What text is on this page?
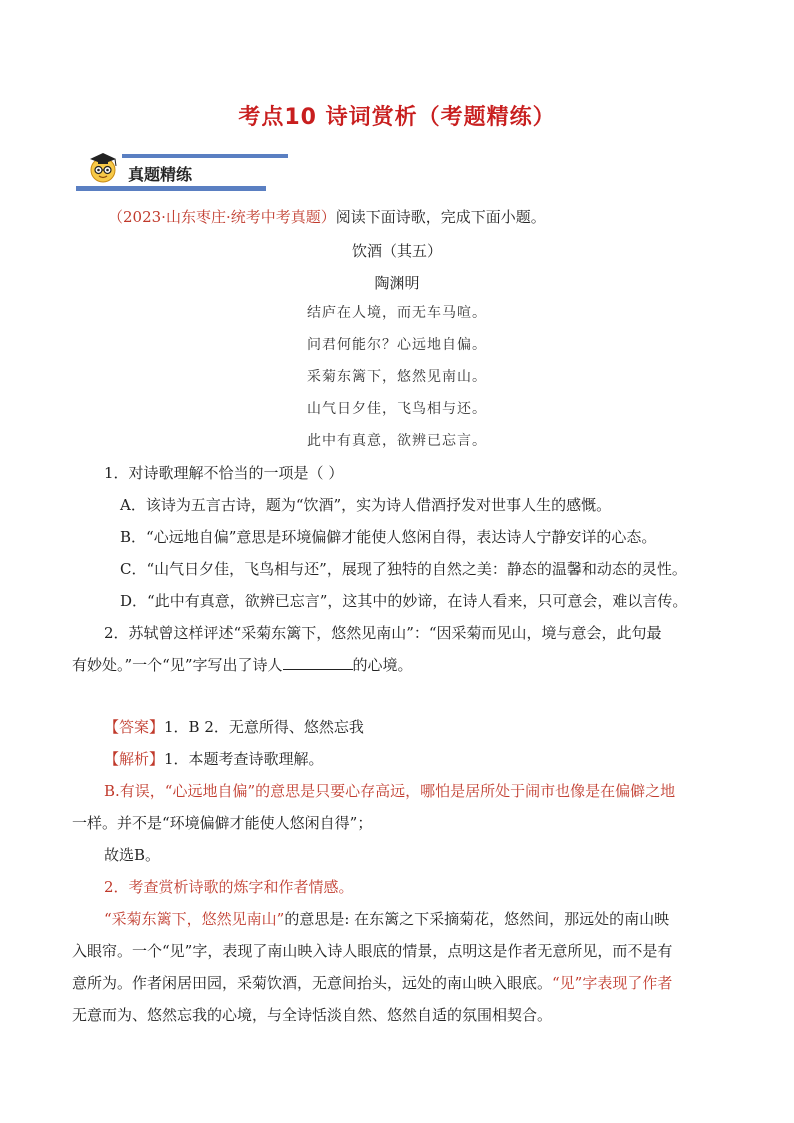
考点10 诗词赏析（考题精练）
真题精练
（2023·山东枣庄·统考中考真题）阅读下面诗歌，完成下面小题。
饮酒（其五）
陶渊明
结庐在人境，而无车马喧。
问君何能尔？心远地自偏。
采菊东篱下，悠然见南山。
山气日夕佳，飞鸟相与还。
此中有真意，欲辨已忘言。
1．对诗歌理解不恰当的一项是（ ）
A．该诗为五言古诗，题为“饮酒”，实为诗人借酒抒发对世事人生的感慨。
B．“心远地自偏”意思是环境偏僻才能使人悠闲自得，表达诗人宁静安详的心态。
C．“山气日夕佳，飞鸟相与还”，展现了独特的自然之美：静态的温馨和动态的灵性。
D．“此中有真意，欲辨已忘言”，这其中的妙谛，在诗人看来，只可意会，难以言传。
2．苏轼曾这样评述“采菊东篱下，悠然见南山”：“因采菊而见山，境与意会，此句最
有妙处。”一个“见”字写出了诗人	的心境。
【答案】1．B 2．无意所得、悠然忘我
【解析】1．本题考查诗歌理解。
B.有误，“心远地自偏”的意思是只要心存高远，哪怕是居所处于闹市也像是在偏僻之地
一样。并不是“环境偏僻才能使人悠闲自得”；
故选B。
2．考查赏析诗歌的炼字和作者情感。
“采菊东篱下，悠然见南山”的意思是: 在东篱之下采摘菊花，悠然间，那远处的南山映
入眼帘。一个“见”字，表现了南山映入诗人眼底的情景，点明这是作者无意所见，而不是有
意所为。作者闲居田园，采菊饮酒，无意间抬头，远处的南山映入眼底。“见”字表现了作者
无意而为、悠然忘我的心境，与全诗恬淡自然、悠然自适的氛围相契合。
